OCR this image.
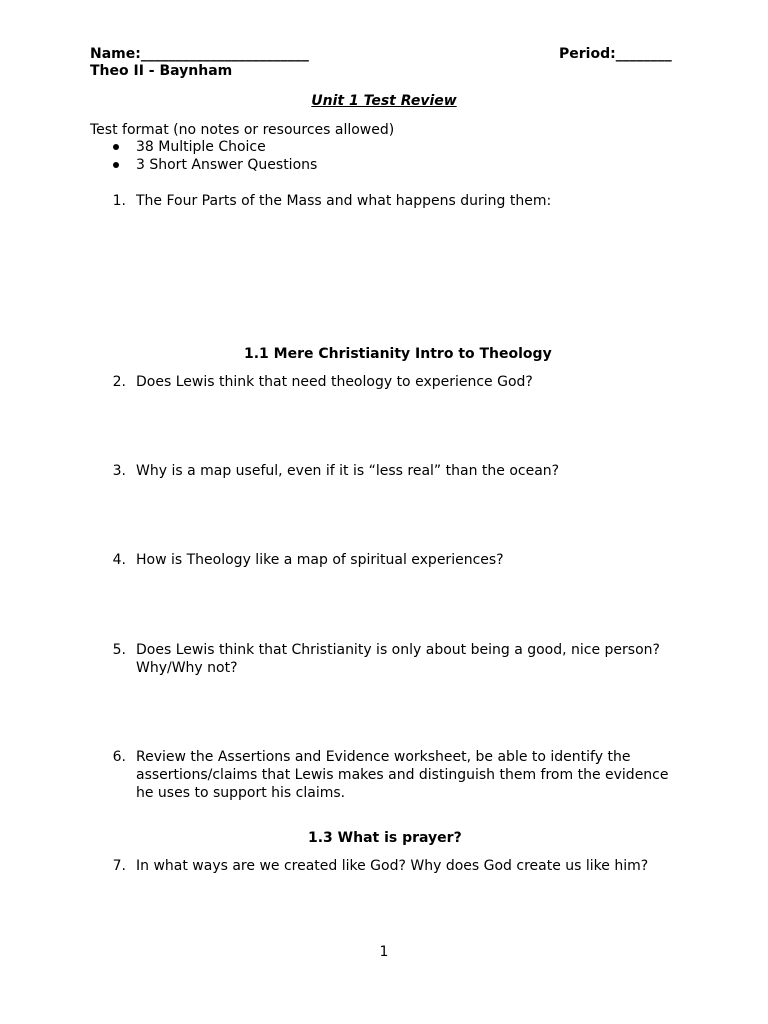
Name:________________________	Period:________
Theo II - Baynham
Unit 1 Test Review
Test format (no notes or resources allowed)
38 Multiple Choice
3 Short Answer Questions
1. The Four Parts of the Mass and what happens during them:
1.1 Mere Christianity Intro to Theology
2. Does Lewis think that need theology to experience God?
3. Why is a map useful, even if it is “less real” than the ocean?
4. How is Theology like a map of spiritual experiences?
5. Does Lewis think that Christianity is only about being a good, nice person? Why/Why not?
6. Review the Assertions and Evidence worksheet, be able to identify the assertions/claims that Lewis makes and distinguish them from the evidence he uses to support his claims.
1.3 What is prayer?
7. In what ways are we created like God? Why does God create us like him?
1
